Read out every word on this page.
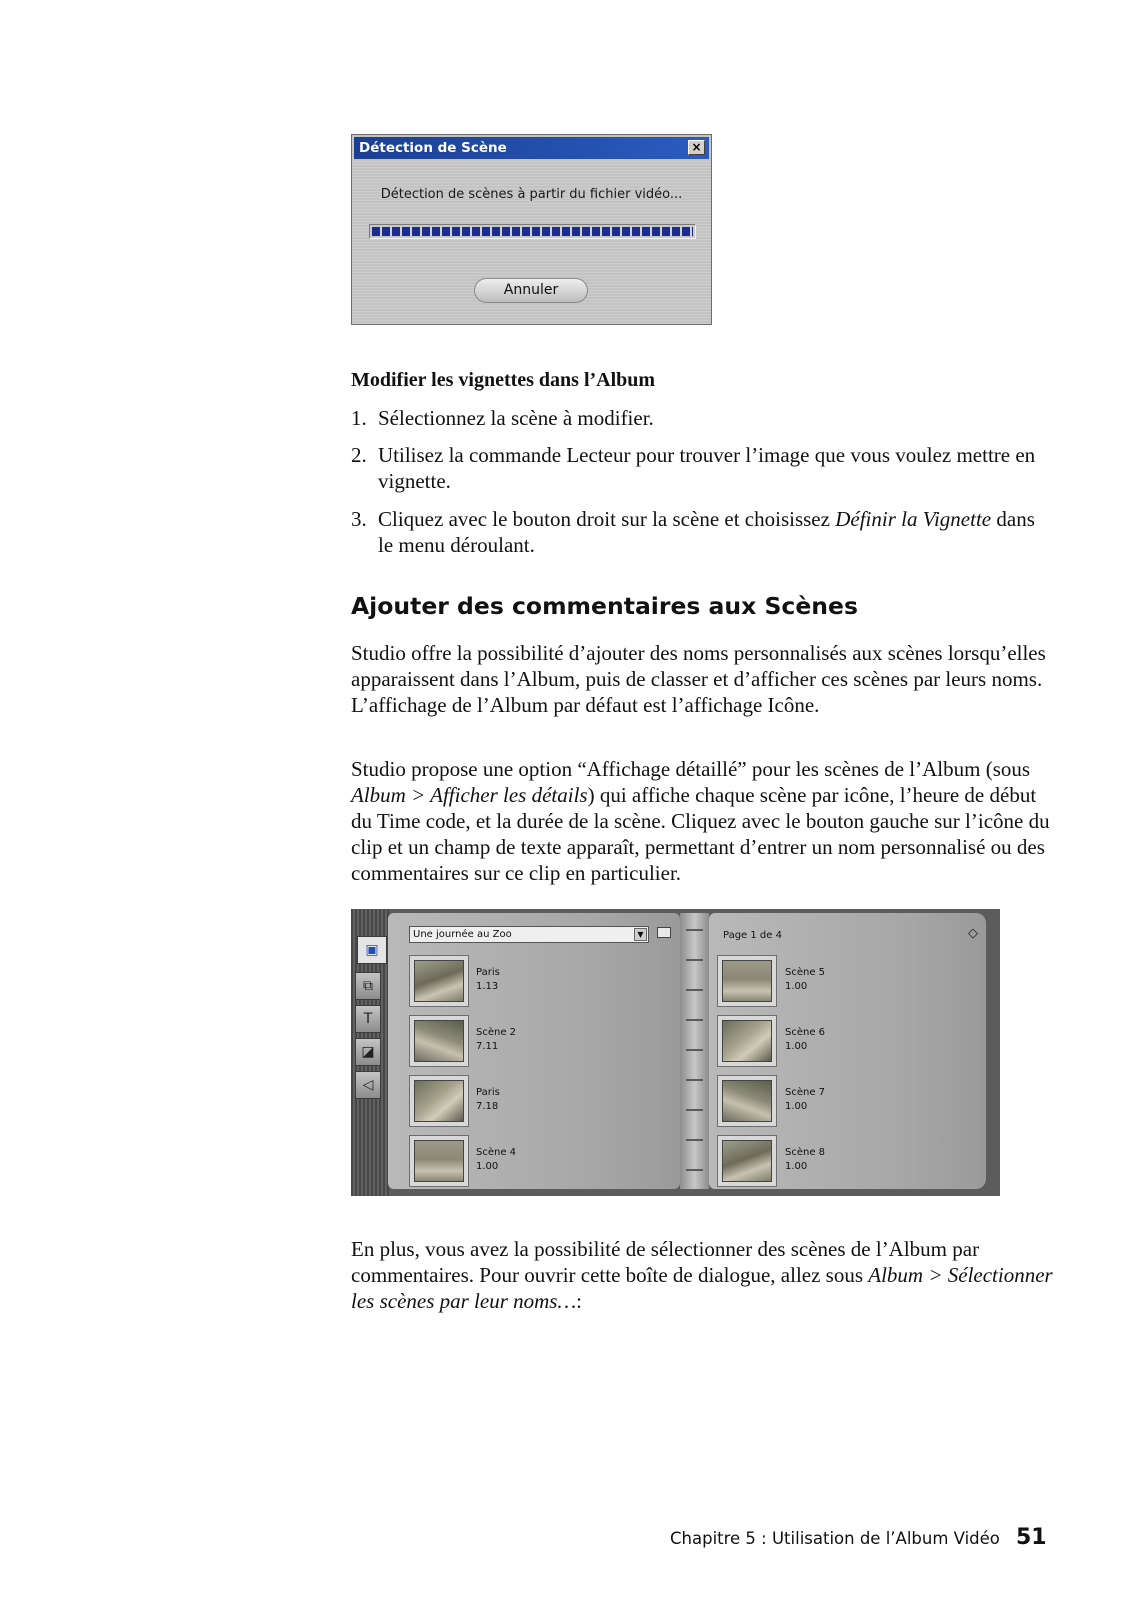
Détection de Scène	×
Détection de scènes à partir du fichier vidéo...
Annuler
Modifier les vignettes dans l’Album
1. Sélectionnez la scène à modifier.
2. Utilisez la commande Lecteur pour trouver l’image que vous voulez mettre en vignette.
3. Cliquez avec le bouton droit sur la scène et choisissez Définir la Vignette dans le menu déroulant.
Ajouter des commentaires aux Scènes
Studio offre la possibilité d’ajouter des noms personnalisés aux scènes lorsqu’elles apparaissent dans l’Album, puis de classer et d’afficher ces scènes par leurs noms. L’affichage de l’Album par défaut est l’affichage Icône.
Studio propose une option “Affichage détaillé” pour les scènes de l’Album (sous Album > Afficher les détails) qui affiche chaque scène par icône, l’heure de début du Time code, et la durée de la scène. Cliquez avec le bouton gauche sur l’icône du clip et un champ de texte apparaît, permettant d’entrer un nom personnalisé ou des commentaires sur ce clip en particulier.
▣
⧉
T
◪
◁
Une journée au Zoo	▼	Page 1 de 4	◇
Paris
1.13
Scène 2
7.11
Paris
7.18
Scène 4
1.00
Scène 5
1.00
Scène 6
1.00
Scène 7
1.00
Scène 8
1.00
En plus, vous avez la possibilité de sélectionner des scènes de l’Album par commentaires. Pour ouvrir cette boîte de dialogue, allez sous Album > Sélectionner les scènes par leur noms…:
Chapitre 5 : Utilisation de l’Album Vidéo 51
